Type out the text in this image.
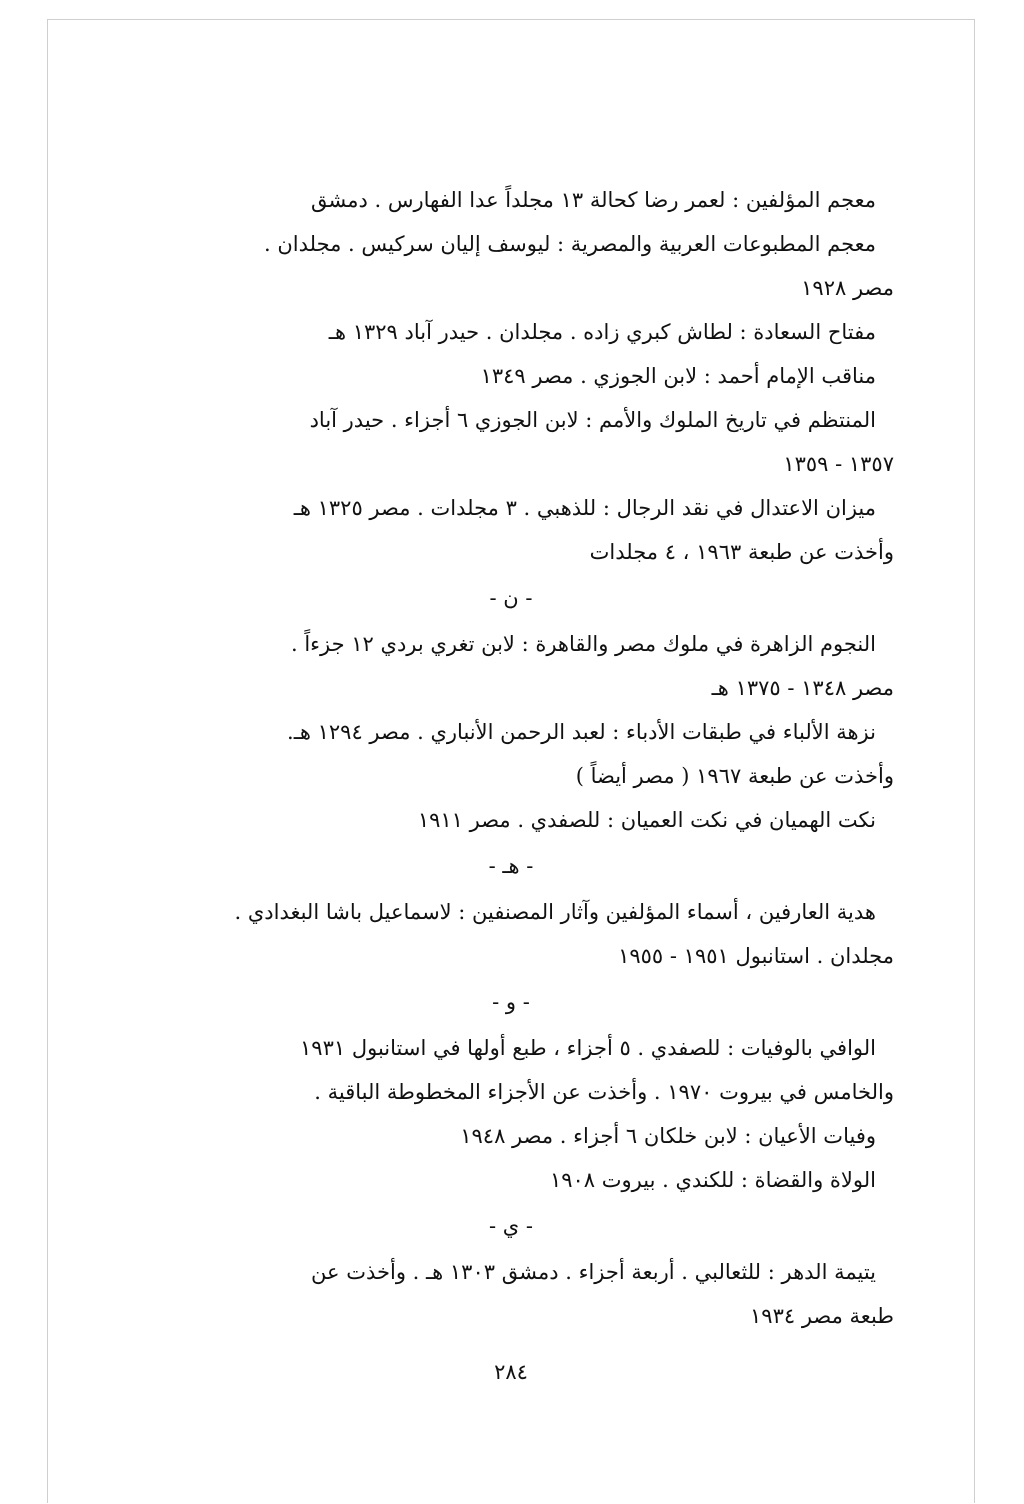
معجم المؤلفين : لعمر رضا كحالة ١٣ مجلداً عدا الفهارس . دمشق
معجم المطبوعات العربية والمصرية : ليوسف إليان سركيس . مجلدان .
مصر ١٩٢٨
مفتاح السعادة : لطاش كبري زاده . مجلدان . حيدر آباد ١٣٢٩ هـ
مناقب الإمام أحمد : لابن الجوزي . مصر ١٣٤٩
المنتظم في تاريخ الملوك والأمم : لابن الجوزي ٦ أجزاء . حيدر آباد
١٣٥٧ - ١٣٥٩
ميزان الاعتدال في نقد الرجال : للذهبي . ٣ مجلدات . مصر ١٣٢٥ هـ
وأخذت عن طبعة ١٩٦٣ ، ٤ مجلدات
- ن -
النجوم الزاهرة في ملوك مصر والقاهرة : لابن تغري بردي ١٢ جزءاً .
مصر ١٣٤٨ - ١٣٧٥ هـ
نزهة الألباء في طبقات الأدباء : لعبد الرحمن الأنباري . مصر ١٢٩٤ هـ.
وأخذت عن طبعة ١٩٦٧ ( مصر أيضاً )
نكت الهميان في نكت العميان : للصفدي . مصر ١٩١١
- هـ -
هدية العارفين ، أسماء المؤلفين وآثار المصنفين : لاسماعيل باشا البغدادي .
مجلدان . استانبول ١٩٥١ - ١٩٥٥
- و -
الوافي بالوفيات : للصفدي . ٥ أجزاء ، طبع أولها في استانبول ١٩٣١
والخامس في بيروت ١٩٧٠ . وأخذت عن الأجزاء المخطوطة الباقية .
وفيات الأعيان : لابن خلكان ٦ أجزاء . مصر ١٩٤٨
الولاة والقضاة : للكندي . بيروت ١٩٠٨
- ي -
يتيمة الدهر : للثعالبي . أربعة أجزاء . دمشق ١٣٠٣ هـ . وأخذت عن
طبعة مصر ١٩٣٤
٢٨٤
